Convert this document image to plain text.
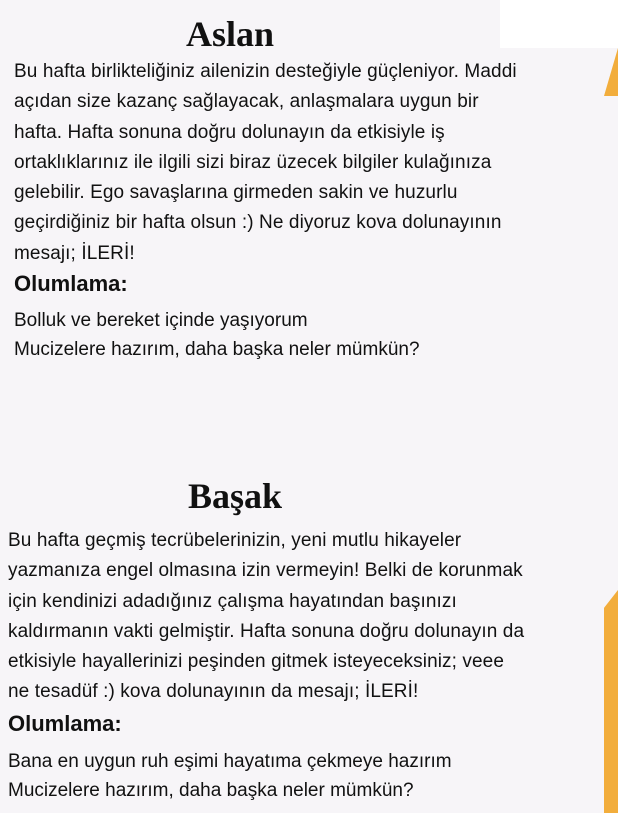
Aslan
Bu hafta birlikteliğiniz ailenizin desteğiyle güçleniyor. Maddi
açıdan size kazanç sağlayacak, anlaşmalara uygun bir
hafta. Hafta sonuna doğru dolunayın da etkisiyle iş
ortaklıklarınız ile ilgili sizi biraz üzecek bilgiler kulağınıza
gelebilir. Ego savaşlarına girmeden sakin ve huzurlu
geçirdiğiniz bir hafta olsun :) Ne diyoruz kova dolunayının
mesajı; İLERİ!
Olumlama:
Bolluk ve bereket içinde yaşıyorum
Mucizelere hazırım, daha başka neler mümkün?
Başak
Bu hafta geçmiş tecrübelerinizin, yeni mutlu hikayeler
yazmanıza engel olmasına izin vermeyin! Belki de korunmak
için kendinizi adadığınız çalışma hayatından başınızı
kaldırmanın vakti gelmiştir. Hafta sonuna doğru dolunayın da
etkisiyle hayallerinizi peşinden gitmek isteyeceksiniz; veee
ne tesadüf :) kova dolunayının da mesajı; İLERİ!
Olumlama:
Bana en uygun ruh eşimi hayatıma çekmeye hazırım
Mucizelere hazırım, daha başka neler mümkün?
